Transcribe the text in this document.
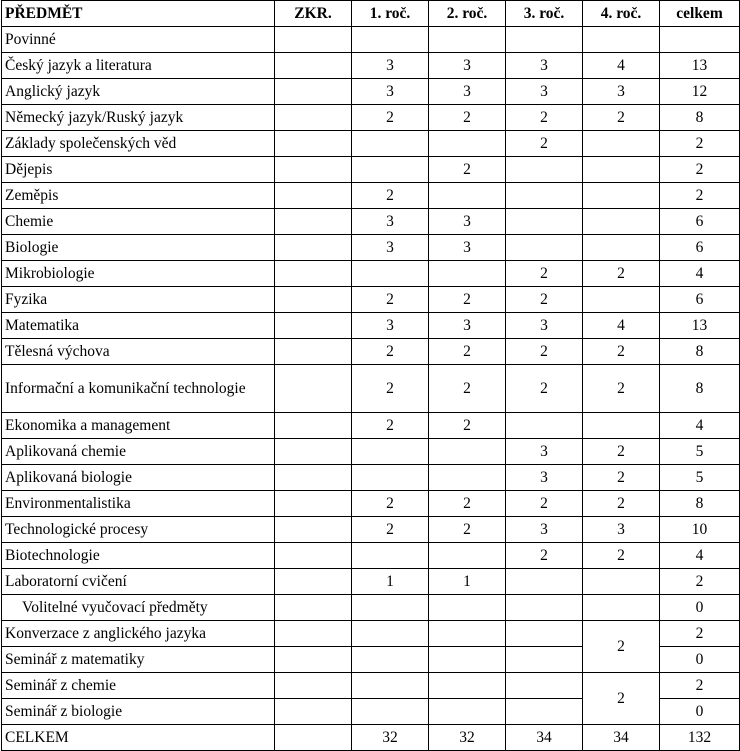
PŘEDMĚT	ZKR.	1. roč.	2. roč.	3. roč.	4. roč.	celkem
Povinné						
Český jazyk a literatura		3	3	3	4	13
Anglický jazyk		3	3	3	3	12
Německý jazyk/Ruský jazyk		2	2	2	2	8
Základy společenských věd				2		2
Dějepis			2			2
Zeměpis		2				2
Chemie		3	3			6
Biologie		3	3			6
Mikrobiologie				2	2	4
Fyzika		2	2	2		6
Matematika		3	3	3	4	13
Tělesná výchova		2	2	2	2	8
Informační a komunikační technologie		2	2	2	2	8
Ekonomika a management		2	2			4
Aplikovaná chemie				3	2	5
Aplikovaná biologie				3	2	5
Environmentalistika		2	2	2	2	8
Technologické procesy		2	2	3	3	10
Biotechnologie				2	2	4
Laboratorní cvičení		1	1			2
Volitelné vyučovací předměty						0
Konverzace z anglického jazyka					2	2
Seminář z matematiky						0
Seminář z chemie					2	2
Seminář z biologie						0
CELKEM		32	32	34	34	132
